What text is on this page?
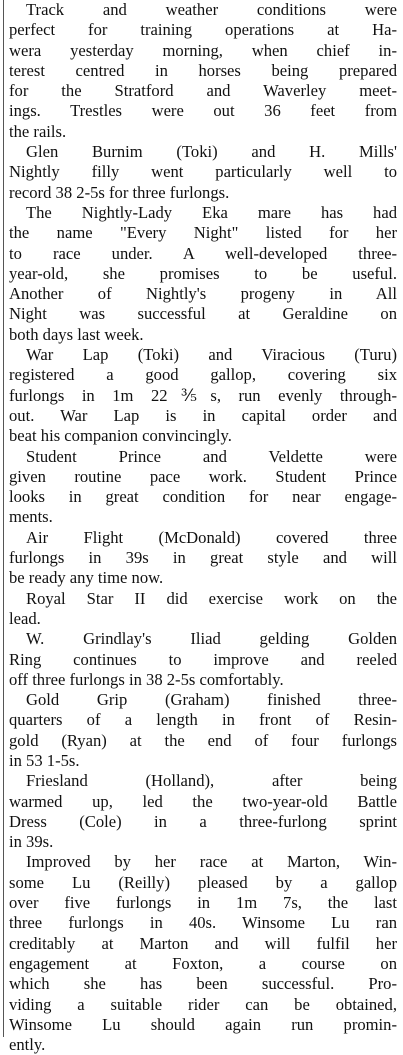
Track and weather conditions were
perfect for training operations at Ha-
wera yesterday morning, when chief in-
terest centred in horses being prepared
for the Stratford and Waverley meet-
ings. Trestles were out 36 feet from
the rails.

Glen Burnim (Toki) and H. Mills'
Nightly filly went particularly well to
record 38 2-5s for three furlongs.

The Nightly-Lady Eka mare has had
the name "Every Night" listed for her
to race under. A well-developed three-
year-old, she promises to be useful.
Another of Nightly's progeny in All
Night was successful at Geraldine on
both days last week.

War Lap (Toki) and Viracious (Turu)
registered a good gallop, covering six
furlongs in 1m 22⅗s, run evenly through-
out. War Lap is in capital order and
beat his companion convincingly.

Student Prince and Veldette were
given routine pace work. Student Prince
looks in great condition for near engage-
ments.

Air Flight (McDonald) covered three
furlongs in 39s in great style and will
be ready any time now.

Royal Star II did exercise work on the
lead.

W. Grindlay's Iliad gelding Golden
Ring continues to improve and reeled
off three furlongs in 38 2-5s comfortably.

Gold Grip (Graham) finished three-
quarters of a length in front of Resin-
gold (Ryan) at the end of four furlongs
in 53 1-5s.

Friesland (Holland), after being
warmed up, led the two-year-old Battle
Dress (Cole) in a three-furlong sprint
in 39s.

Improved by her race at Marton, Win-
some Lu (Reilly) pleased by a gallop
over five furlongs in 1m 7s, the last
three furlongs in 40s. Winsome Lu ran
creditably at Marton and will fulfil her
engagement at Foxton, a course on
which she has been successful. Pro-
viding a suitable rider can be obtained,
Winsome Lu should again run promin-
ently.
